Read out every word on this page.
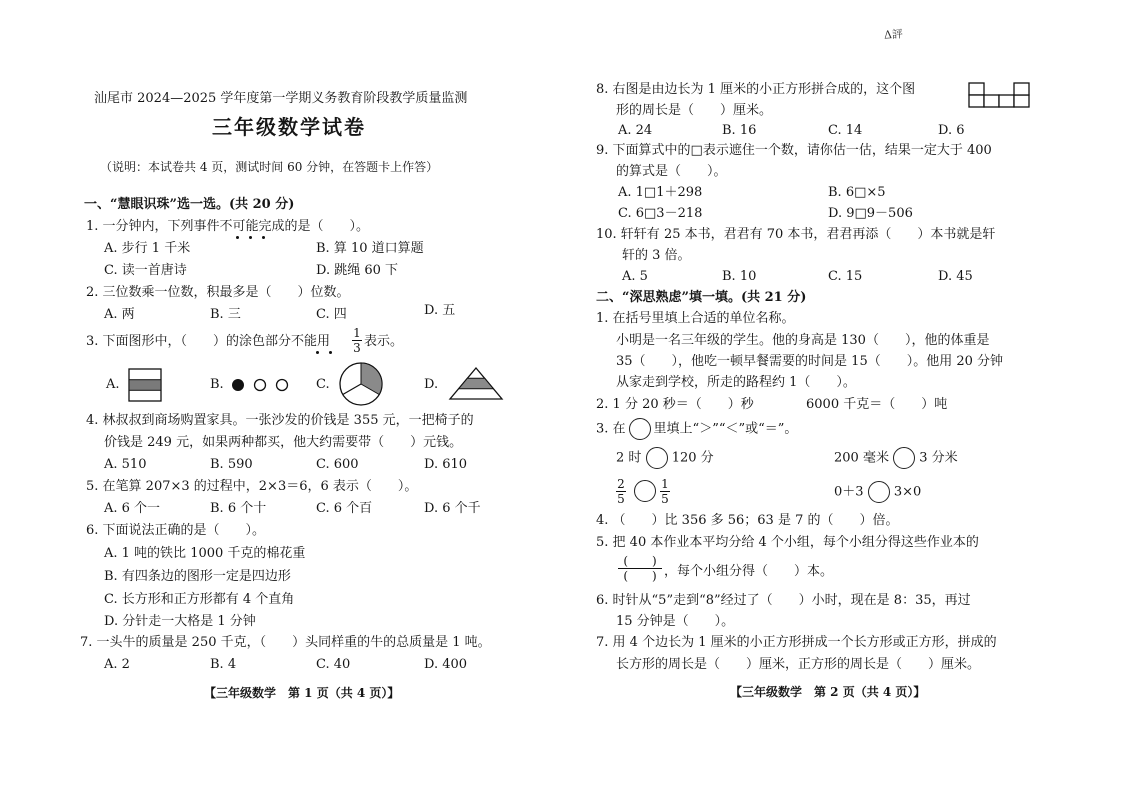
Δ評
汕尾市 2024—2025 学年度第一学期义务教育阶段教学质量监测
三年级数学试卷
（说明：本试卷共 4 页，测试时间 60 分钟，在答题卡上作答）
一、“慧眼识珠”选一选。(共 20 分)
1. 一分钟内，下列事件不可能完成的是（　　）。
A. 步行 1 千米	B. 算 10 道口算题
C. 读一首唐诗	D. 跳绳 60 下
2. 三位数乘一位数，积最多是（　　）位数。
A. 两	B. 三	C. 四	D. 五
3. 下面图形中，（　　）的涂色部分不能用
1
3 表示。
A.	B.	C.	D.
4. 林叔叔到商场购置家具。一张沙发的价钱是 355 元，一把椅子的
价钱是 249 元，如果两种都买，他大约需要带（　　）元钱。
A. 510	B. 590	C. 600	D. 610
5. 在笔算 207×3 的过程中，2×3＝6，6 表示（　　）。
A. 6 个一	B. 6 个十	C. 6 个百	D. 6 个千
6. 下面说法正确的是（　　）。
A. 1 吨的铁比 1000 千克的棉花重
B. 有四条边的图形一定是四边形
C. 长方形和正方形都有 4 个直角
D. 分针走一大格是 1 分钟
7. 一头牛的质量是 250 千克，（　　）头同样重的牛的总质量是 1 吨。
A. 2	B. 4	C. 40	D. 400
【三年级数学　第 1 页（共 4 页）】
8. 右图是由边长为 1 厘米的小正方形拼合成的，这个图
形的周长是（　　）厘米。
A. 24	B. 16	C. 14	D. 6
9. 下面算式中的□表示遮住一个数，请你估一估，结果一定大于 400
的算式是（　　）。
A. 1□1＋298	B. 6□×5
C. 6□3－218	D. 9□9－506
10. 轩轩有 25 本书，君君有 70 本书，君君再添（　　）本书就是轩
轩的 3 倍。
A. 5	B. 10	C. 15	D. 45
二、“深思熟虑”填一填。(共 21 分)
1. 在括号里填上合适的单位名称。
小明是一名三年级的学生。他的身高是 130（　　），他的体重是
35（　　），他吃一顿早餐需要的时间是 15（　　）。他用 20 分钟
从家走到学校，所走的路程约 1（　　）。
2. 1 分 20 秒＝（　　）秒	6000 千克＝（　　）吨
3. 在 里填上“＞”“＜”或“＝”。
2 时 120 分	200 毫米 3 分米
2
5
1
5	0＋3 3×0
4. （　　）比 356 多 56；63 是 7 的（　　）倍。
5. 把 40 本作业本平均分给 4 个小组，每个小组分得这些作业本的
(　　)
(　　) ，每个小组分得（　　）本。
6. 时针从“5”走到“8”经过了（　　）小时，现在是 8：35，再过
15 分钟是（　　）。
7. 用 4 个边长为 1 厘米的小正方形拼成一个长方形或正方形，拼成的
长方形的周长是（　　）厘米，正方形的周长是（　　）厘米。
【三年级数学　第 2 页（共 4 页）】
